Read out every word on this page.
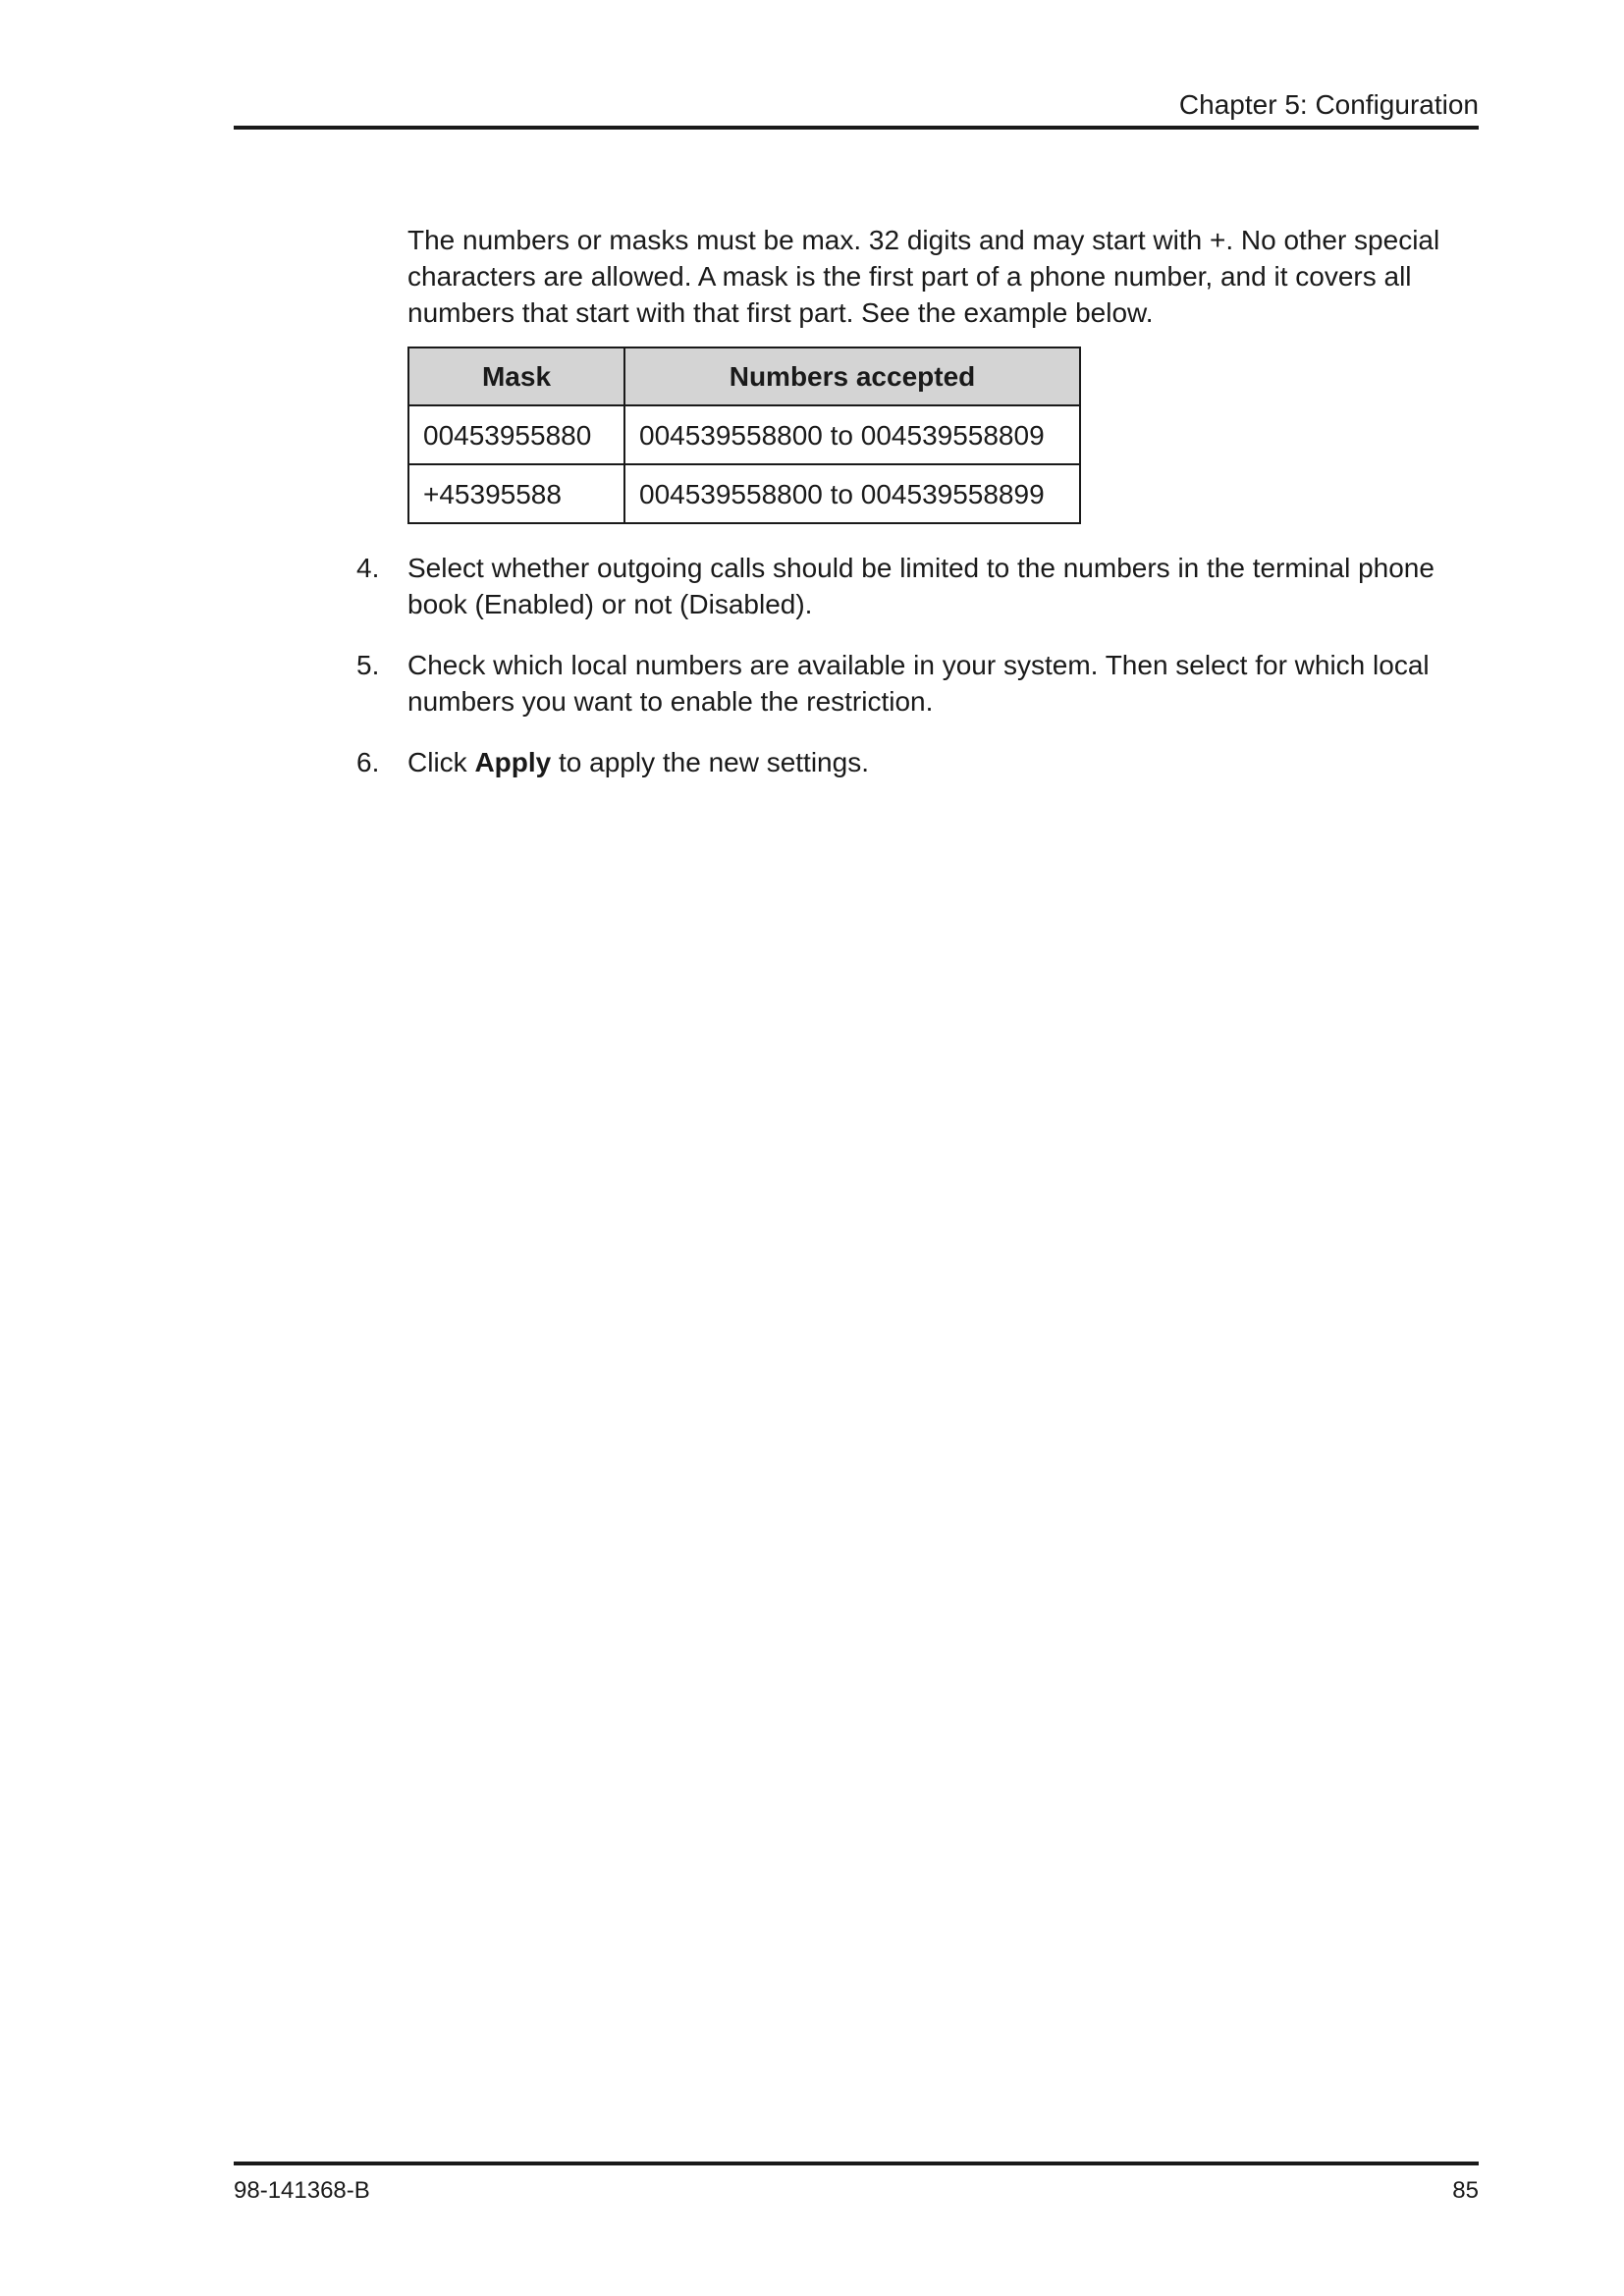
Chapter 5: Configuration

The numbers or masks must be max. 32 digits and may start with +. No other special characters are allowed. A mask is the first part of a phone number, and it covers all numbers that start with that first part. See the example below.

Mask	Numbers accepted
00453955880	004539558800 to 004539558809
+45395588	004539558800 to 004539558899
4. Select whether outgoing calls should be limited to the numbers in the terminal phone book (Enabled) or not (Disabled).
5. Check which local numbers are available in your system. Then select for which local numbers you want to enable the restriction.
6. Click Apply to apply the new settings.
98-141368-B	85
